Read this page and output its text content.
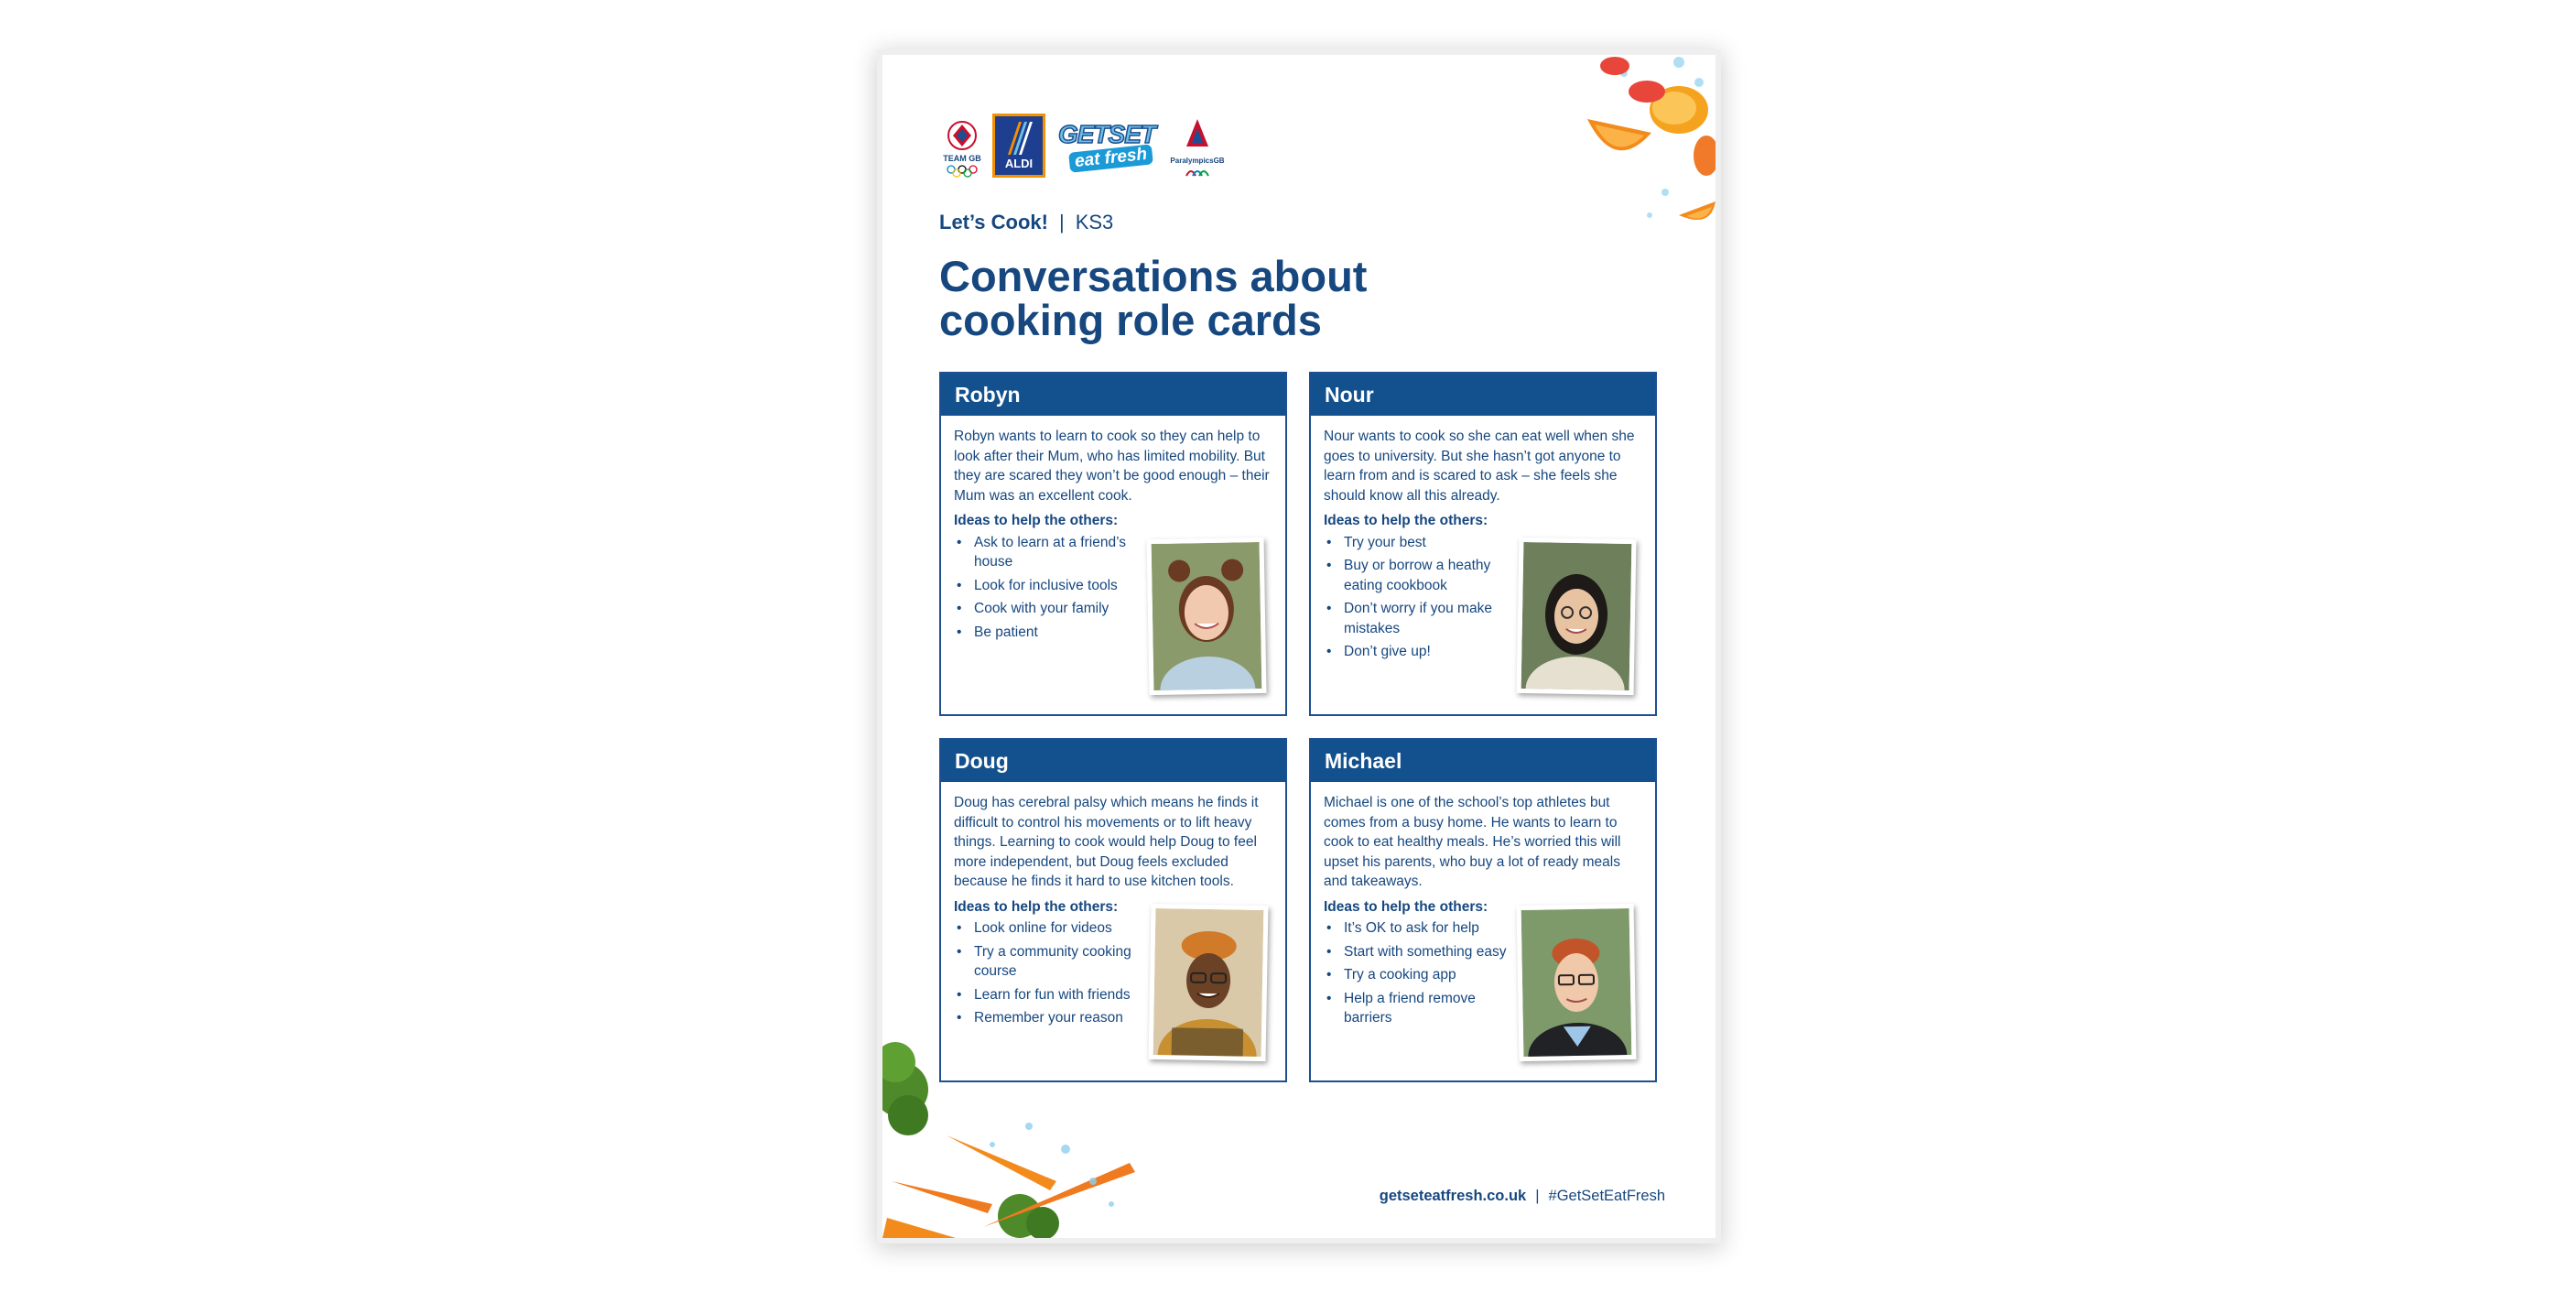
TEAM GB	ALDI
GETSET
eat fresh	ParalympicsGB
Let’s Cook! | KS3
Conversations about
cooking role cards
Robyn

Robyn wants to learn to cook so they can help to look after their Mum, who has limited mobility. But they are scared they won’t be good enough – their Mum was an excellent cook.

Ideas to help the others:
• Ask to learn at a friend’s house
• Look for inclusive tools
• Cook with your family
• Be patient
Nour

Nour wants to cook so she can eat well when she goes to university. But she hasn’t got anyone to learn from and is scared to ask – she feels she should know all this already.

Ideas to help the others:
• Try your best
• Buy or borrow a heathy eating cookbook
• Don’t worry if you make mistakes
• Don’t give up!
Doug

Doug has cerebral palsy which means he finds it difficult to control his movements or to lift heavy things. Learning to cook would help Doug to feel more independent, but Doug feels excluded because he finds it hard to use kitchen tools.

Ideas to help the others:
• Look online for videos
• Try a community cooking course
• Learn for fun with friends
• Remember your reason
Michael

Michael is one of the school’s top athletes but comes from a busy home. He wants to learn to cook to eat healthy meals. He’s worried this will upset his parents, who buy a lot of ready meals and takeaways.

Ideas to help the others:
• It’s OK to ask for help
• Start with something easy
• Try a cooking app
• Help a friend remove barriers
getseteatfresh.co.uk | #GetSetEatFresh
